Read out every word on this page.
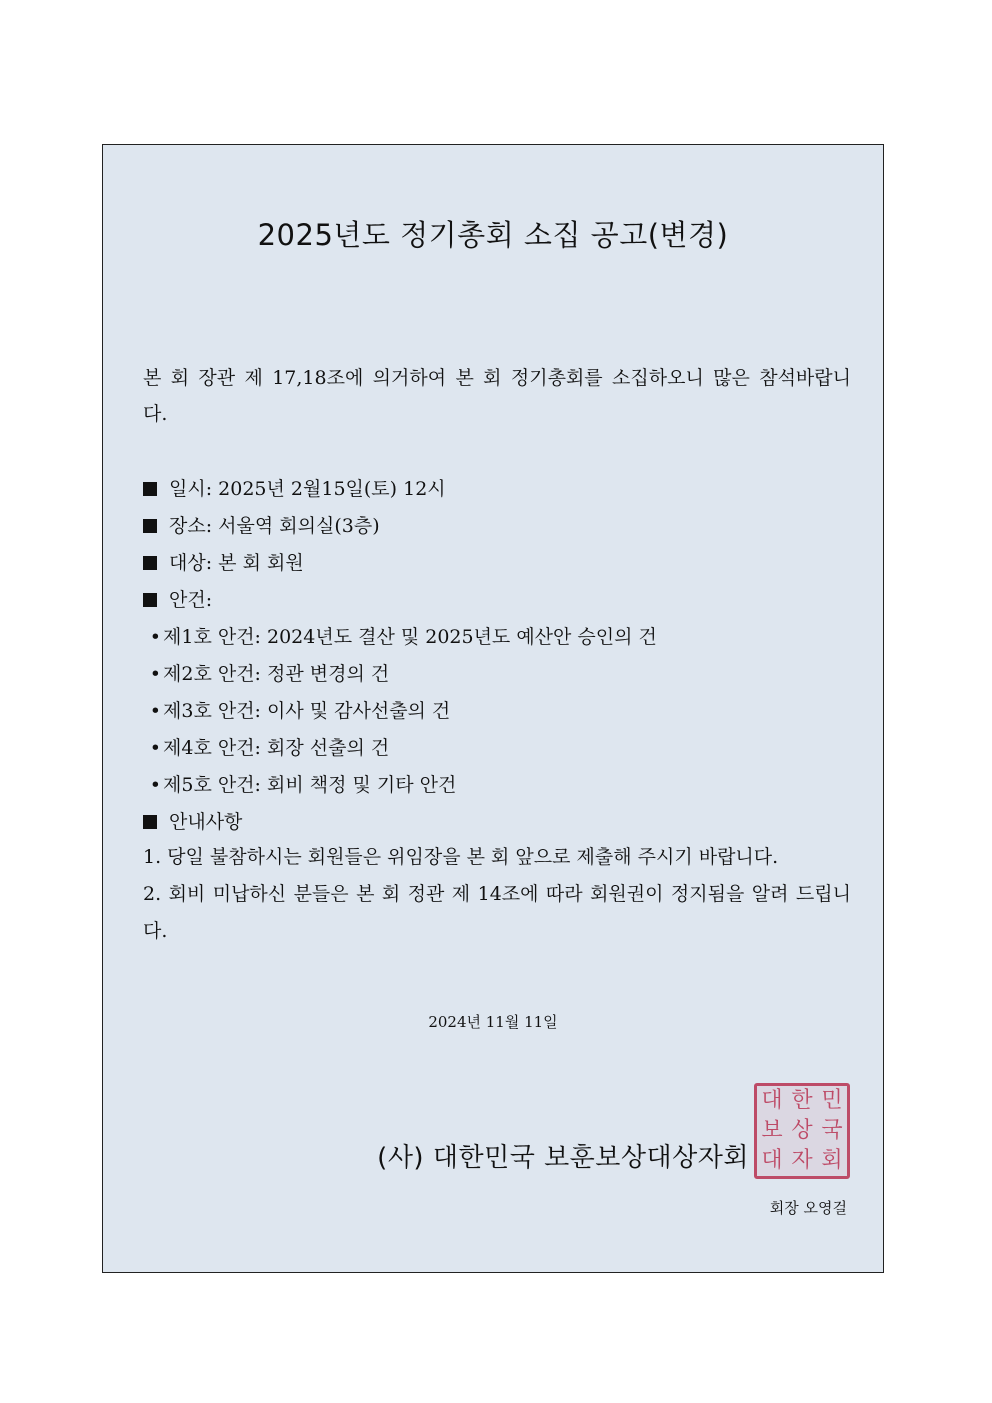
2025년도 정기총회 소집 공고(변경)
본 회 장관 제 17,18조에 의거하여 본 회 정기총회를 소집하오니 많은 참석바랍니다.
일시: 2025년 2월15일(토) 12시
장소: 서울역 회의실(3층)
대상: 본 회 회원
안건:
• 제1호 안건: 2024년도 결산 및 2025년도 예산안 승인의 건
• 제2호 안건: 정관 변경의 건
• 제3호 안건: 이사 및 감사선출의 건
• 제4호 안건: 회장 선출의 건
• 제5호 안건: 회비 책정 및 기타 안건
안내사항

1. 당일 불참하시는 회원들은 위임장을 본 회 앞으로 제출해 주시기 바랍니다.

2. 회비 미납하신 분들은 본 회 정관 제 14조에 따라 회원권이 정지됨을 알려 드립니다.

2024년 11월 11일
대 한 민
보 상 국
대 자 회
(사) 대한민국 보훈보상대상자회
회장 오영걸
